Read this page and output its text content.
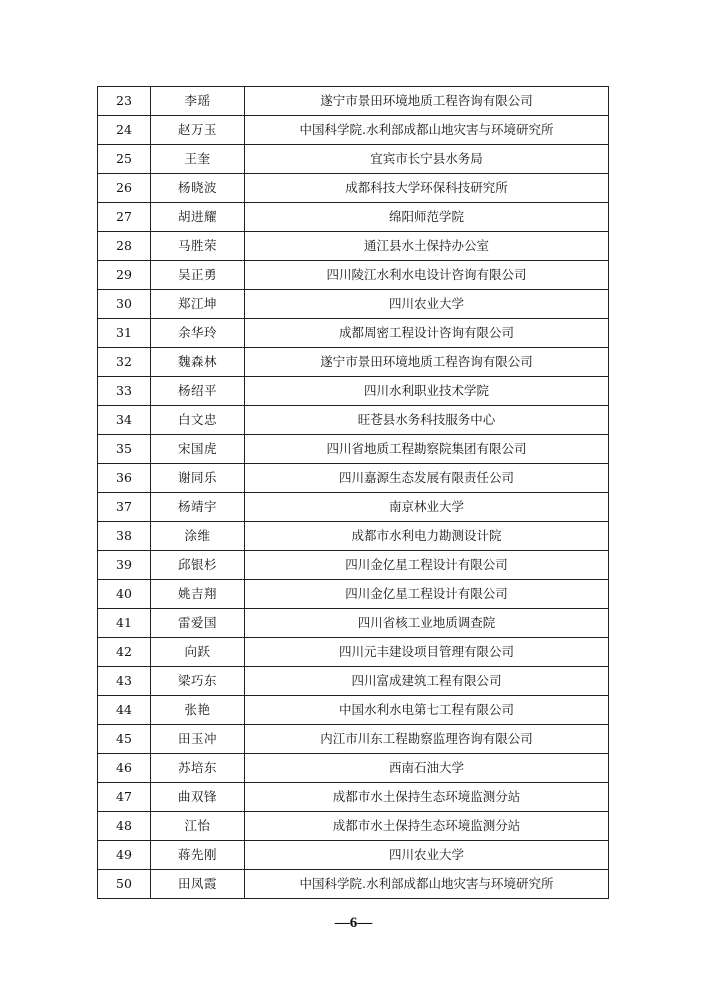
23	李瑶	遂宁市景田环境地质工程咨询有限公司
24	赵万玉	中国科学院.水利部成都山地灾害与环境研究所
25	王奎	宜宾市长宁县水务局
26	杨晓波	成都科技大学环保科技研究所
27	胡进耀	绵阳师范学院
28	马胜荣	通江县水土保持办公室
29	吴正勇	四川陵江水利水电设计咨询有限公司
30	郑江坤	四川农业大学
31	余华玲	成都周密工程设计咨询有限公司
32	魏森林	遂宁市景田环境地质工程咨询有限公司
33	杨绍平	四川水利职业技术学院
34	白文忠	旺苍县水务科技服务中心
35	宋国虎	四川省地质工程勘察院集团有限公司
36	谢同乐	四川嘉源生态发展有限责任公司
37	杨靖宇	南京林业大学
38	涂维	成都市水利电力勘测设计院
39	邱银杉	四川金亿星工程设计有限公司
40	姚吉翔	四川金亿星工程设计有限公司
41	雷爱国	四川省核工业地质调查院
42	向跃	四川元丰建设项目管理有限公司
43	梁巧东	四川富成建筑工程有限公司
44	张艳	中国水利水电第七工程有限公司
45	田玉冲	内江市川东工程勘察监理咨询有限公司
46	苏培东	西南石油大学
47	曲双锋	成都市水土保持生态环境监测分站
48	江怡	成都市水土保持生态环境监测分站
49	蒋先刚	四川农业大学
50	田凤霞	中国科学院.水利部成都山地灾害与环境研究所
—6—
